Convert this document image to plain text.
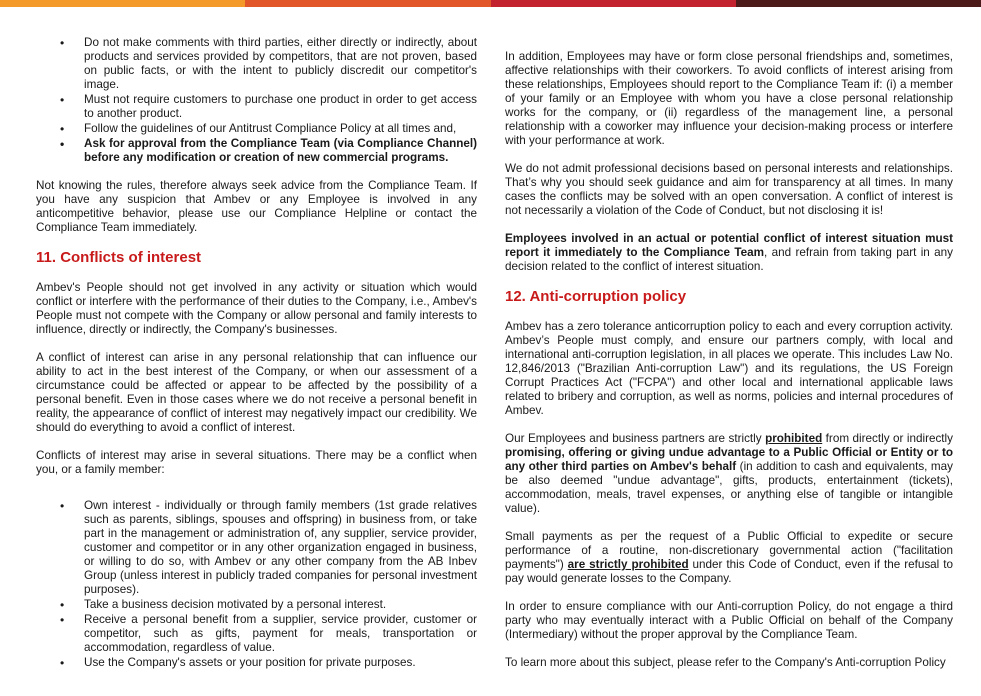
• Do not make comments with third parties, either directly or indirectly, about products and services provided by competitors, that are not proven, based on public facts, or with the intent to publicly discredit our competitor's image.
• Must not require customers to purchase one product in order to get access to another product.
• Follow the guidelines of our Antitrust Compliance Policy at all times and,
• Ask for approval from the Compliance Team (via Compliance Channel) before any modification or creation of new commercial programs.

Not knowing the rules, therefore always seek advice from the Compliance Team. If you have any suspicion that Ambev or any Employee is involved in any anticompetitive behavior, please use our Compliance Helpline or contact the Compliance Team immediately.

11. Conflicts of interest

Ambev's People should not get involved in any activity or situation which would conflict or interfere with the performance of their duties to the Company, i.e., Ambev's People must not compete with the Company or allow personal and family interests to influence, directly or indirectly, the Company's businesses.

A conflict of interest can arise in any personal relationship that can influence our ability to act in the best interest of the Company, or when our assessment of a circumstance could be affected or appear to be affected by the possibility of a personal benefit. Even in those cases where we do not receive a personal benefit in reality, the appearance of conflict of interest may negatively impact our credibility. We should do everything to avoid a conflict of interest.

Conflicts of interest may arise in several situations. There may be a conflict when you, or a family member:

• Own interest - individually or through family members (1st grade relatives such as parents, siblings, spouses and offspring) in business from, or take part in the management or administration of, any supplier, service provider, customer and competitor or in any other organization engaged in business, or willing to do so, with Ambev or any other company from the AB Inbev Group (unless interest in publicly traded companies for personal investment purposes).
• Take a business decision motivated by a personal interest.
• Receive a personal benefit from a supplier, service provider, customer or competitor, such as gifts, payment for meals, transportation or accommodation, regardless of value.
• Use the Company's assets or your position for private purposes.

In addition, Employees may have or form close personal friendships and, sometimes, affective relationships with their coworkers. To avoid conflicts of interest arising from these relationships, Employees should report to the Compliance Team if: (i) a member of your family or an Employee with whom you have a close personal relationship works for the company, or (ii) regardless of the management line, a personal relationship with a coworker may influence your decision-making process or interfere with your performance at work.

We do not admit professional decisions based on personal interests and relationships. That’s why you should seek guidance and aim for transparency at all times. In many cases the conflicts may be solved with an open conversation. A conflict of interest is not necessarily a violation of the Code of Conduct, but not disclosing it is!

Employees involved in an actual or potential conflict of interest situation must report it immediately to the Compliance Team, and refrain from taking part in any decision related to the conflict of interest situation.

12. Anti-corruption policy

Ambev has a zero tolerance anticorruption policy to each and every corruption activity. Ambev’s People must comply, and ensure our partners comply, with local and international anti-corruption legislation, in all places we operate. This includes Law No. 12,846/2013 ("Brazilian Anti-corruption Law") and its regulations, the US Foreign Corrupt Practices Act ("FCPA") and other local and international applicable laws related to bribery and corruption, as well as norms, policies and internal procedures of Ambev.

Our Employees and business partners are strictly prohibited from directly or indirectly promising, offering or giving undue advantage to a Public Official or Entity or to any other third parties on Ambev's behalf (in addition to cash and equivalents, may be also deemed "undue advantage", gifts, products, entertainment (tickets), accommodation, meals, travel expenses, or anything else of tangible or intangible value).

Small payments as per the request of a Public Official to expedite or secure performance of a routine, non-discretionary governmental action ("facilitation payments") are strictly prohibited under this Code of Conduct, even if the refusal to pay would generate losses to the Company.

In order to ensure compliance with our Anti-corruption Policy, do not engage a third party who may eventually interact with a Public Official on behalf of the Company (Intermediary) without the proper approval by the Compliance Team.

To learn more about this subject, please refer to the Company's Anti-corruption Policy
